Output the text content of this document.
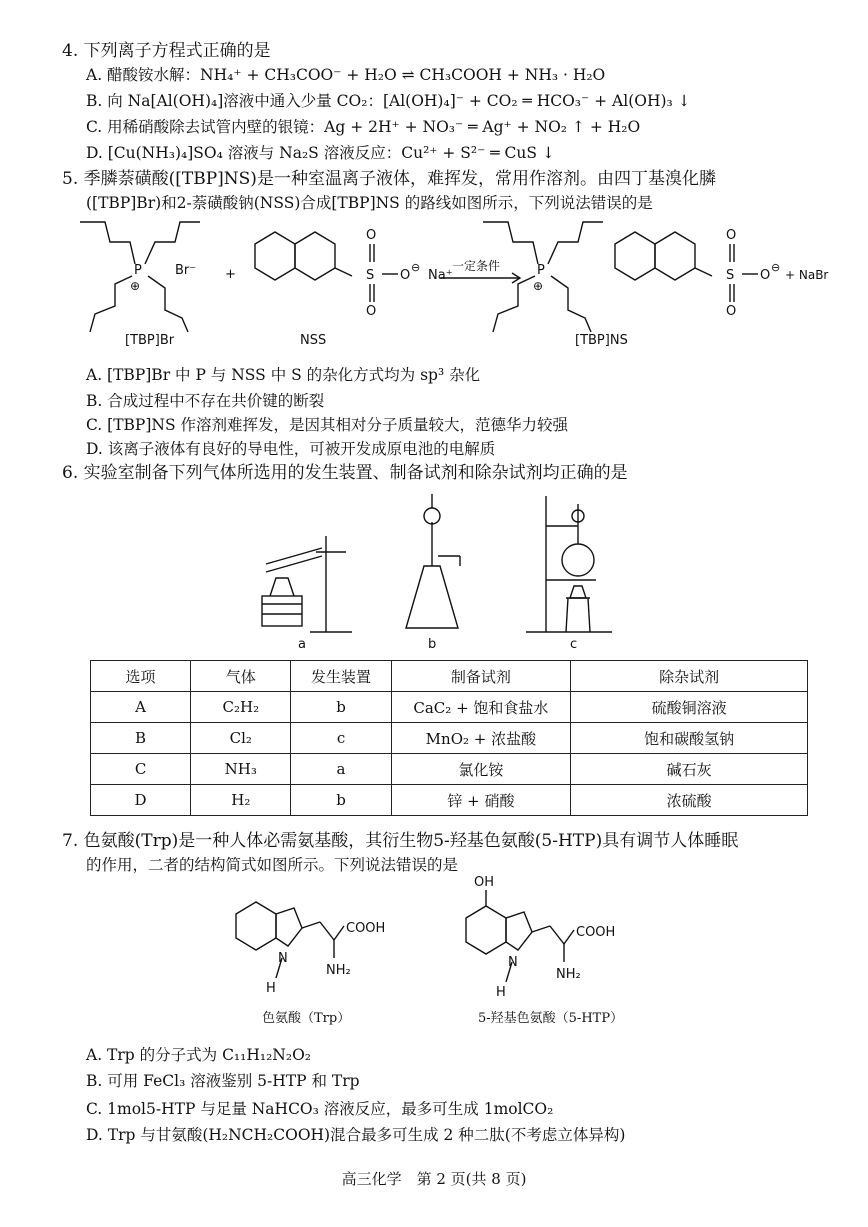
4. 下列离子方程式正确的是
A. 醋酸铵水解：NH₄⁺ + CH₃COO⁻ + H₂O ⇌ CH₃COOH + NH₃ · H₂O
B. 向 Na[Al(OH)₄]溶液中通入少量 CO₂：[Al(OH)₄]⁻ + CO₂ ═ HCO₃⁻ + Al(OH)₃ ↓
C. 用稀硝酸除去试管内壁的银镜：Ag + 2H⁺ + NO₃⁻ ═ Ag⁺ + NO₂ ↑ + H₂O
D. [Cu(NH₃)₄]SO₄ 溶液与 Na₂S 溶液反应：Cu²⁺ + S²⁻ ═ CuS ↓
5. 季膦萘磺酸([TBP]NS)是一种室温离子液体，难挥发，常用作溶剂。由四丁基溴化膦
([TBP]Br)和2-萘磺酸钠(NSS)合成[TBP]NS 的路线如图所示，下列说法错误的是
P
⊕
Br⁻ +
O
S
O
O
⊖
Na⁺
一定条件	P
⊕
O
S
O
O
⊖
+ NaBr
[TBP]Br	NSS	[TBP]NS
A. [TBP]Br 中 P 与 NSS 中 S 的杂化方式均为 sp³ 杂化
B. 合成过程中不存在共价键的断裂
C. [TBP]NS 作溶剂难挥发，是因其相对分子质量较大，范德华力较强
D. 该离子液体有良好的导电性，可被开发成原电池的电解质
6. 实验室制备下列气体所选用的发生装置、制备试剂和除杂试剂均正确的是
a	b	c
选项	气体	发生装置	制备试剂	除杂试剂
A	C₂H₂	b	CaC₂ + 饱和食盐水	硫酸铜溶液
B	Cl₂	c	MnO₂ + 浓盐酸	饱和碳酸氢钠
C	NH₃	a	氯化铵	碱石灰
D	H₂	b	锌 + 硝酸	浓硫酸
7. 色氨酸(Trp)是一种人体必需氨基酸，其衍生物5-羟基色氨酸(5-HTP)具有调节人体睡眠
的作用，二者的结构简式如图所示。下列说法错误的是
COOH
NH₂
N
H
OH
COOH
NH₂
N
H
色氨酸（Trp）	5-羟基色氨酸（5-HTP）
A. Trp 的分子式为 C₁₁H₁₂N₂O₂
B. 可用 FeCl₃ 溶液鉴别 5-HTP 和 Trp
C. 1mol5-HTP 与足量 NaHCO₃ 溶液反应，最多可生成 1molCO₂
D. Trp 与甘氨酸(H₂NCH₂COOH)混合最多可生成 2 种二肽(不考虑立体异构)
高三化学　第 2 页(共 8 页)
